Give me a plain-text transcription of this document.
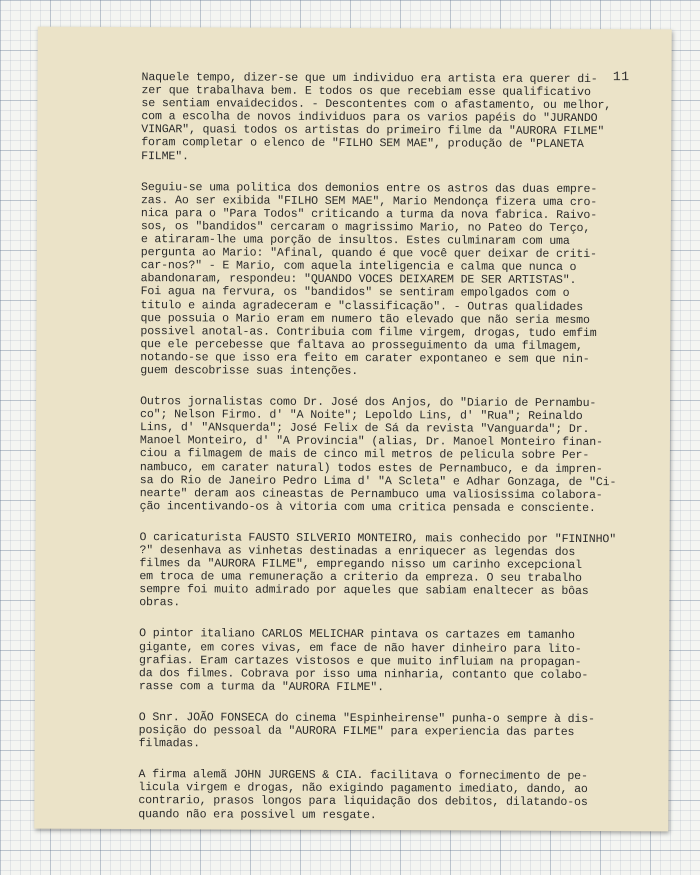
11

Naquele tempo, dizer-se que um individuo era artista era querer di-
zer que trabalhava bem. E todos os que recebiam esse qualificativo
se sentiam envaidecidos. - Descontentes com o afastamento, ou melhor,
com a escolha de novos individuos para os varios papéis do "JURANDO
VINGAR", quasi todos os artistas do primeiro filme da "AURORA FILME"
foram completar o elenco de "FILHO SEM MAE", produção de "PLANETA
FILME".

Seguiu-se uma politica dos demonios entre os astros das duas empre-
zas. Ao ser exibida "FILHO SEM MAE", Mario Mendonça fizera uma cro-
nica para o "Para Todos" criticando a turma da nova fabrica. Raivo-
sos, os "bandidos" cercaram o magrissimo Mario, no Pateo do Terço,
e atiraram-lhe uma porção de insultos. Estes culminaram com uma
pergunta ao Mario: "Afinal, quando é que você quer deixar de criti-
car-nos?" - E Mario, com aquela inteligencia e calma que nunca o
abandonaram, respondeu: "QUANDO VOCES DEIXAREM DE SER ARTISTAS".
Foi agua na fervura, os "bandidos" se sentiram empolgados com o
titulo e ainda agradeceram e "classificação". - Outras qualidades
que possuia o Mario eram em numero tão elevado que não seria mesmo
possivel anotal-as. Contribuia com filme virgem, drogas, tudo emfim
que ele percebesse que faltava ao prosseguimento da uma filmagem,
notando-se que isso era feito em carater expontaneo e sem que nin-
guem descobrisse suas intenções.

Outros jornalistas como Dr. José dos Anjos, do "Diario de Pernambu-
co"; Nelson Firmo. d' "A Noite"; Lepoldo Lins, d' "Rua"; Reinaldo
Lins, d' "ANsquerda"; José Felix de Sá da revista "Vanguarda"; Dr.
Manoel Monteiro, d' "A Provincia" (alias, Dr. Manoel Monteiro finan-
ciou a filmagem de mais de cinco mil metros de pelicula sobre Per-
nambuco, em carater natural) todos estes de Pernambuco, e da impren-
sa do Rio de Janeiro Pedro Lima d' "A Scleta" e Adhar Gonzaga, de "Ci-
nearte" deram aos cineastas de Pernambuco uma valiosissima colabora-
ção incentivando-os à vitoria com uma critica pensada e consciente.

O caricaturista FAUSTO SILVERIO MONTEIRO, mais conhecido por "FININHO"
?" desenhava as vinhetas destinadas a enriquecer as legendas dos
filmes da "AURORA FILME", empregando nisso um carinho excepcional
em troca de uma remuneração a criterio da empreza. O seu trabalho
sempre foi muito admirado por aqueles que sabiam enaltecer as bôas
obras.

O pintor italiano CARLOS MELICHAR pintava os cartazes em tamanho
gigante, em cores vivas, em face de não haver dinheiro para lito-
grafias. Eram cartazes vistosos e que muito influiam na propagan-
da dos filmes. Cobrava por isso uma ninharia, contanto que colabo-
rasse com a turma da "AURORA FILME".

O Snr. JOÃO FONSECA do cinema "Espinheirense" punha-o sempre à dis-
posição do pessoal da "AURORA FILME" para experiencia das partes
filmadas.

A firma alemã JOHN JURGENS & CIA. facilitava o fornecimento de pe-
licula virgem e drogas, não exigindo pagamento imediato, dando, ao
contrario, prasos longos para liquidação dos debitos, dilatando-os
quando não era possivel um resgate.
